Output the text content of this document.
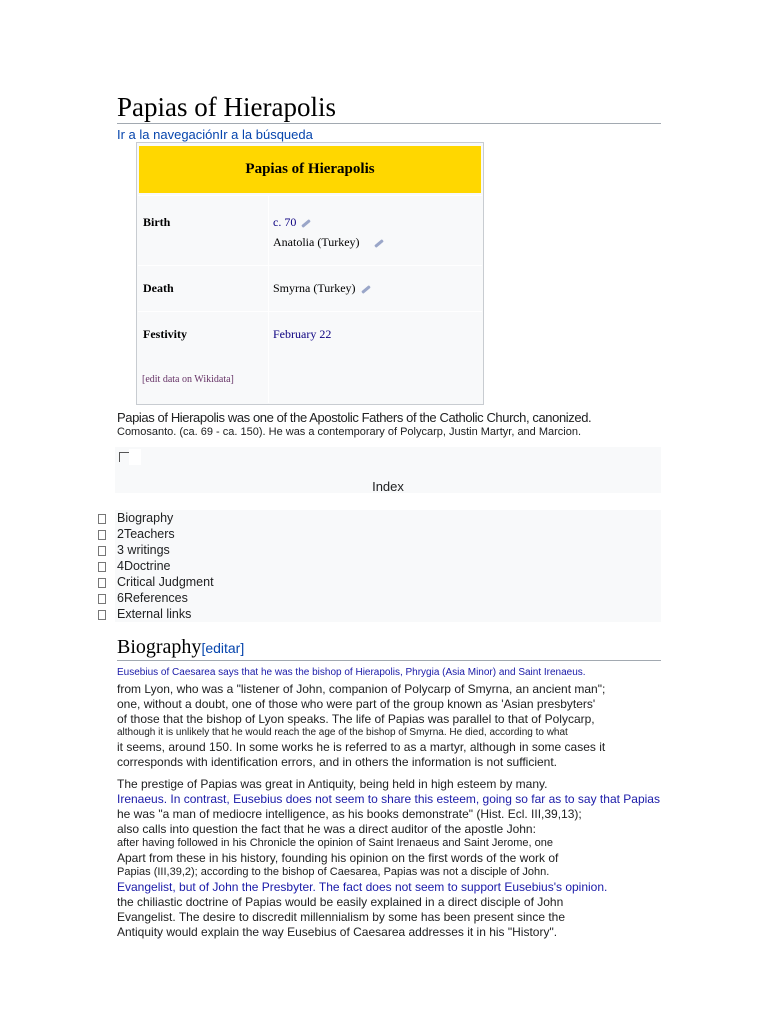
Papias of Hierapolis
Ir a la navegaciónIr a la búsqueda
Papias of Hierapolis
Birth	c. 70
Anatolia (Turkey)
Death	Smyrna (Turkey)
Festivity	February 22
[edit data on Wikidata]
Papias of Hierapolis was one of the Apostolic Fathers of the Catholic Church, canonized.
Comosanto. (ca. 69 - ca. 150). He was a contemporary of Polycarp, Justin Martyr, and Marcion.
Index
Biography
2Teachers
3 writings
4Doctrine
Critical Judgment
6References
External links
Biography[editar]
Eusebius of Caesarea says that he was the bishop of Hierapolis, Phrygia (Asia Minor) and Saint Irenaeus.
from Lyon, who was a "listener of John, companion of Polycarp of Smyrna, an ancient man";
one, without a doubt, one of those who were part of the group known as 'Asian presbyters'
of those that the bishop of Lyon speaks. The life of Papias was parallel to that of Polycarp,
although it is unlikely that he would reach the age of the bishop of Smyrna. He died, according to what
it seems, around 150. In some works he is referred to as a martyr, although in some cases it
corresponds with identification errors, and in others the information is not sufficient.
The prestige of Papias was great in Antiquity, being held in high esteem by many.
Irenaeus. In contrast, Eusebius does not seem to share this esteem, going so far as to say that Papias
he was "a man of mediocre intelligence, as his books demonstrate" (Hist. Ecl. III,39,13);
also calls into question the fact that he was a direct auditor of the apostle John:
after having followed in his Chronicle the opinion of Saint Irenaeus and Saint Jerome, one
Apart from these in his history, founding his opinion on the first words of the work of
Papias (III,39,2); according to the bishop of Caesarea, Papias was not a disciple of John.
Evangelist, but of John the Presbyter. The fact does not seem to support Eusebius's opinion.
the chiliastic doctrine of Papias would be easily explained in a direct disciple of John
Evangelist. The desire to discredit millennialism by some has been present since the
Antiquity would explain the way Eusebius of Caesarea addresses it in his "History".
